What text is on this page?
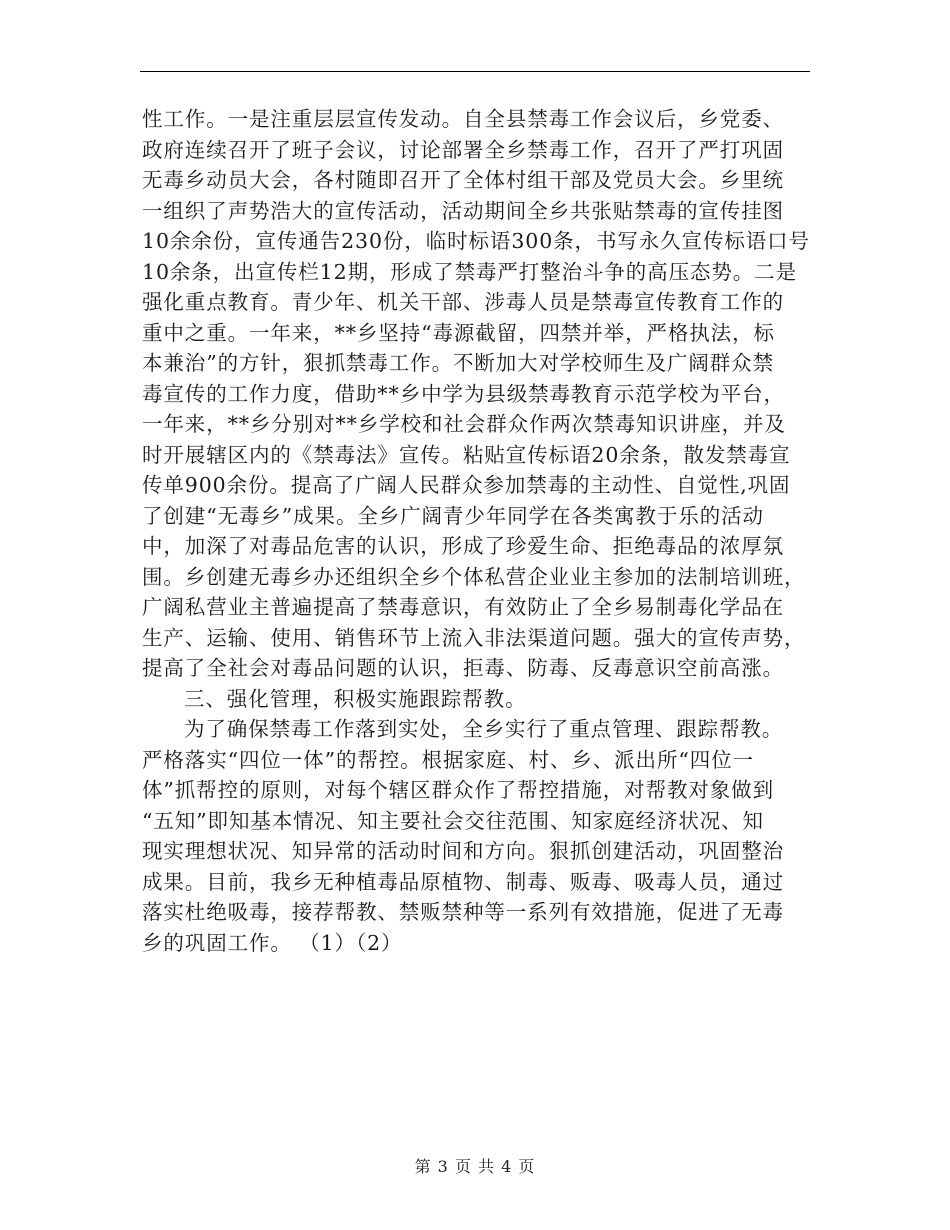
性工作。一是注重层层宣传发动。自全县禁毒工作会议后，乡党委、
政府连续召开了班子会议，讨论部署全乡禁毒工作，召开了严打巩固
无毒乡动员大会，各村随即召开了全体村组干部及党员大会。乡里统
一组织了声势浩大的宣传活动，活动期间全乡共张贴禁毒的宣传挂图
10余余份，宣传通告230份，临时标语300条，书写永久宣传标语口号
10余条，出宣传栏12期，形成了禁毒严打整治斗争的高压态势。二是
强化重点教育。青少年、机关干部、涉毒人员是禁毒宣传教育工作的
重中之重。一年来，**乡坚持“毒源截留，四禁并举，严格执法，标
本兼治”的方针，狠抓禁毒工作。不断加大对学校师生及广阔群众禁
毒宣传的工作力度，借助**乡中学为县级禁毒教育示范学校为平台，
一年来，**乡分别对**乡学校和社会群众作两次禁毒知识讲座，并及
时开展辖区内的《禁毒法》宣传。粘贴宣传标语20余条，散发禁毒宣
传单900余份。提高了广阔人民群众参加禁毒的主动性、自觉性,巩固
了创建“无毒乡”成果。全乡广阔青少年同学在各类寓教于乐的活动
中，加深了对毒品危害的认识，形成了珍爱生命、拒绝毒品的浓厚氛
围。乡创建无毒乡办还组织全乡个体私营企业业主参加的法制培训班，
广阔私营业主普遍提高了禁毒意识，有效防止了全乡易制毒化学品在
生产、运输、使用、销售环节上流入非法渠道问题。强大的宣传声势，
提高了全社会对毒品问题的认识，拒毒、防毒、反毒意识空前高涨。
三、强化管理，积极实施跟踪帮教。
为了确保禁毒工作落到实处，全乡实行了重点管理、跟踪帮教。
严格落实“四位一体”的帮控。根据家庭、村、乡、派出所“四位一
体”抓帮控的原则，对每个辖区群众作了帮控措施，对帮教对象做到
“五知”即知基本情况、知主要社会交往范围、知家庭经济状况、知
现实理想状况、知异常的活动时间和方向。狠抓创建活动，巩固整治
成果。目前，我乡无种植毒品原植物、制毒、贩毒、吸毒人员，通过
落实杜绝吸毒，接荐帮教、禁贩禁种等一系列有效措施，促进了无毒
乡的巩固工作。 （1）（2）
第 3 页 共 4 页
